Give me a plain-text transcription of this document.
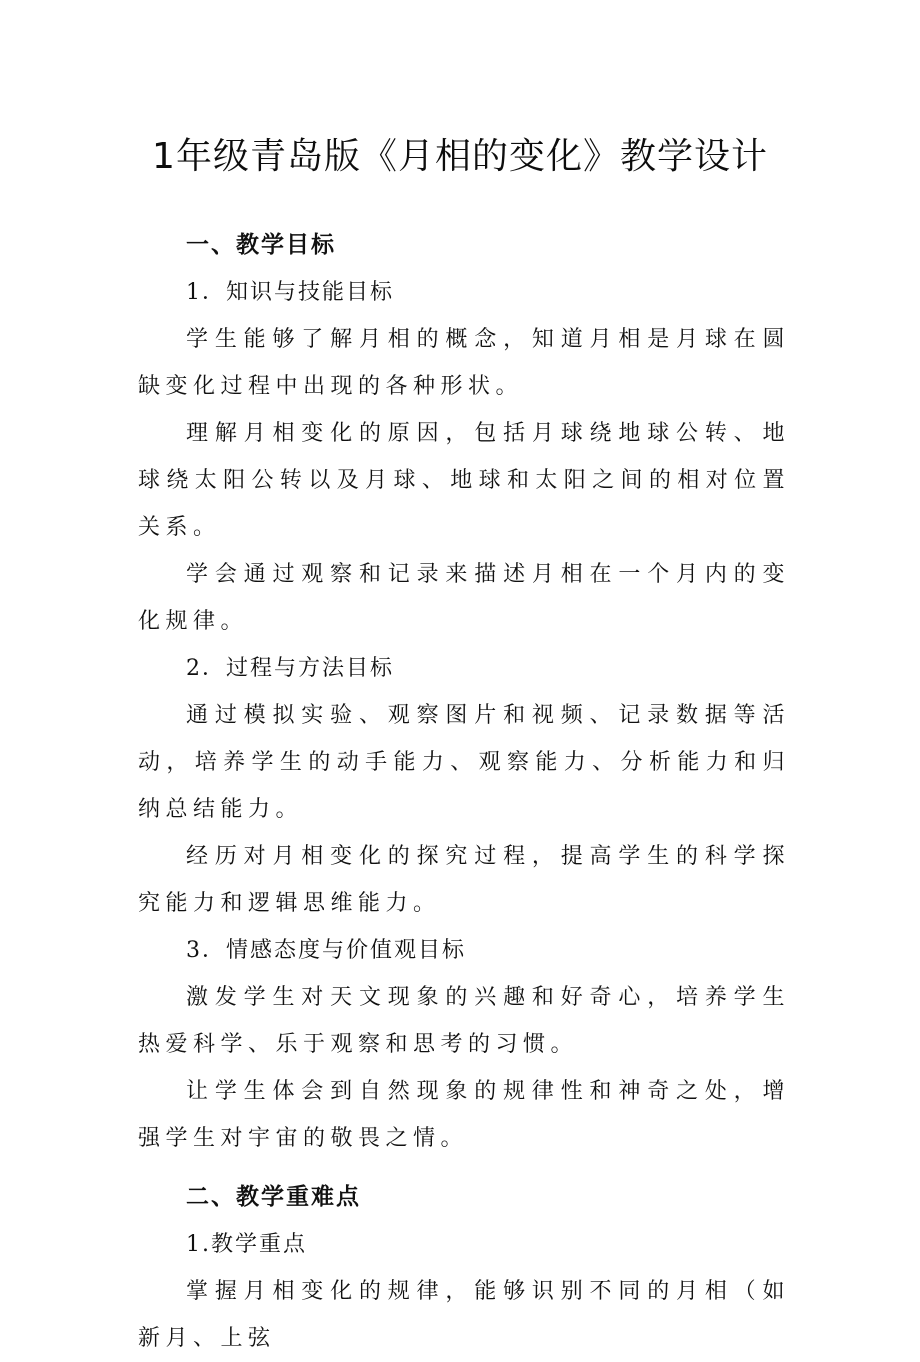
1年级青岛版《月相的变化》教学设计
一、教学目标
1．知识与技能目标

学生能够了解月相的概念，知道月相是月球在圆缺变化过程中出现的各种形状。

理解月相变化的原因，包括月球绕地球公转、地球绕太阳公转以及月球、地球和太阳之间的相对位置关系。

学会通过观察和记录来描述月相在一个月内的变化规律。

2．过程与方法目标

通过模拟实验、观察图片和视频、记录数据等活动，培养学生的动手能力、观察能力、分析能力和归纳总结能力。

经历对月相变化的探究过程，提高学生的科学探究能力和逻辑思维能力。

3．情感态度与价值观目标

激发学生对天文现象的兴趣和好奇心，培养学生热爱科学、乐于观察和思考的习惯。

让学生体会到自然现象的规律性和神奇之处，增强学生对宇宙的敬畏之情。

二、教学重难点
1.教学重点

掌握月相变化的规律，能够识别不同的月相（如新月、上弦
